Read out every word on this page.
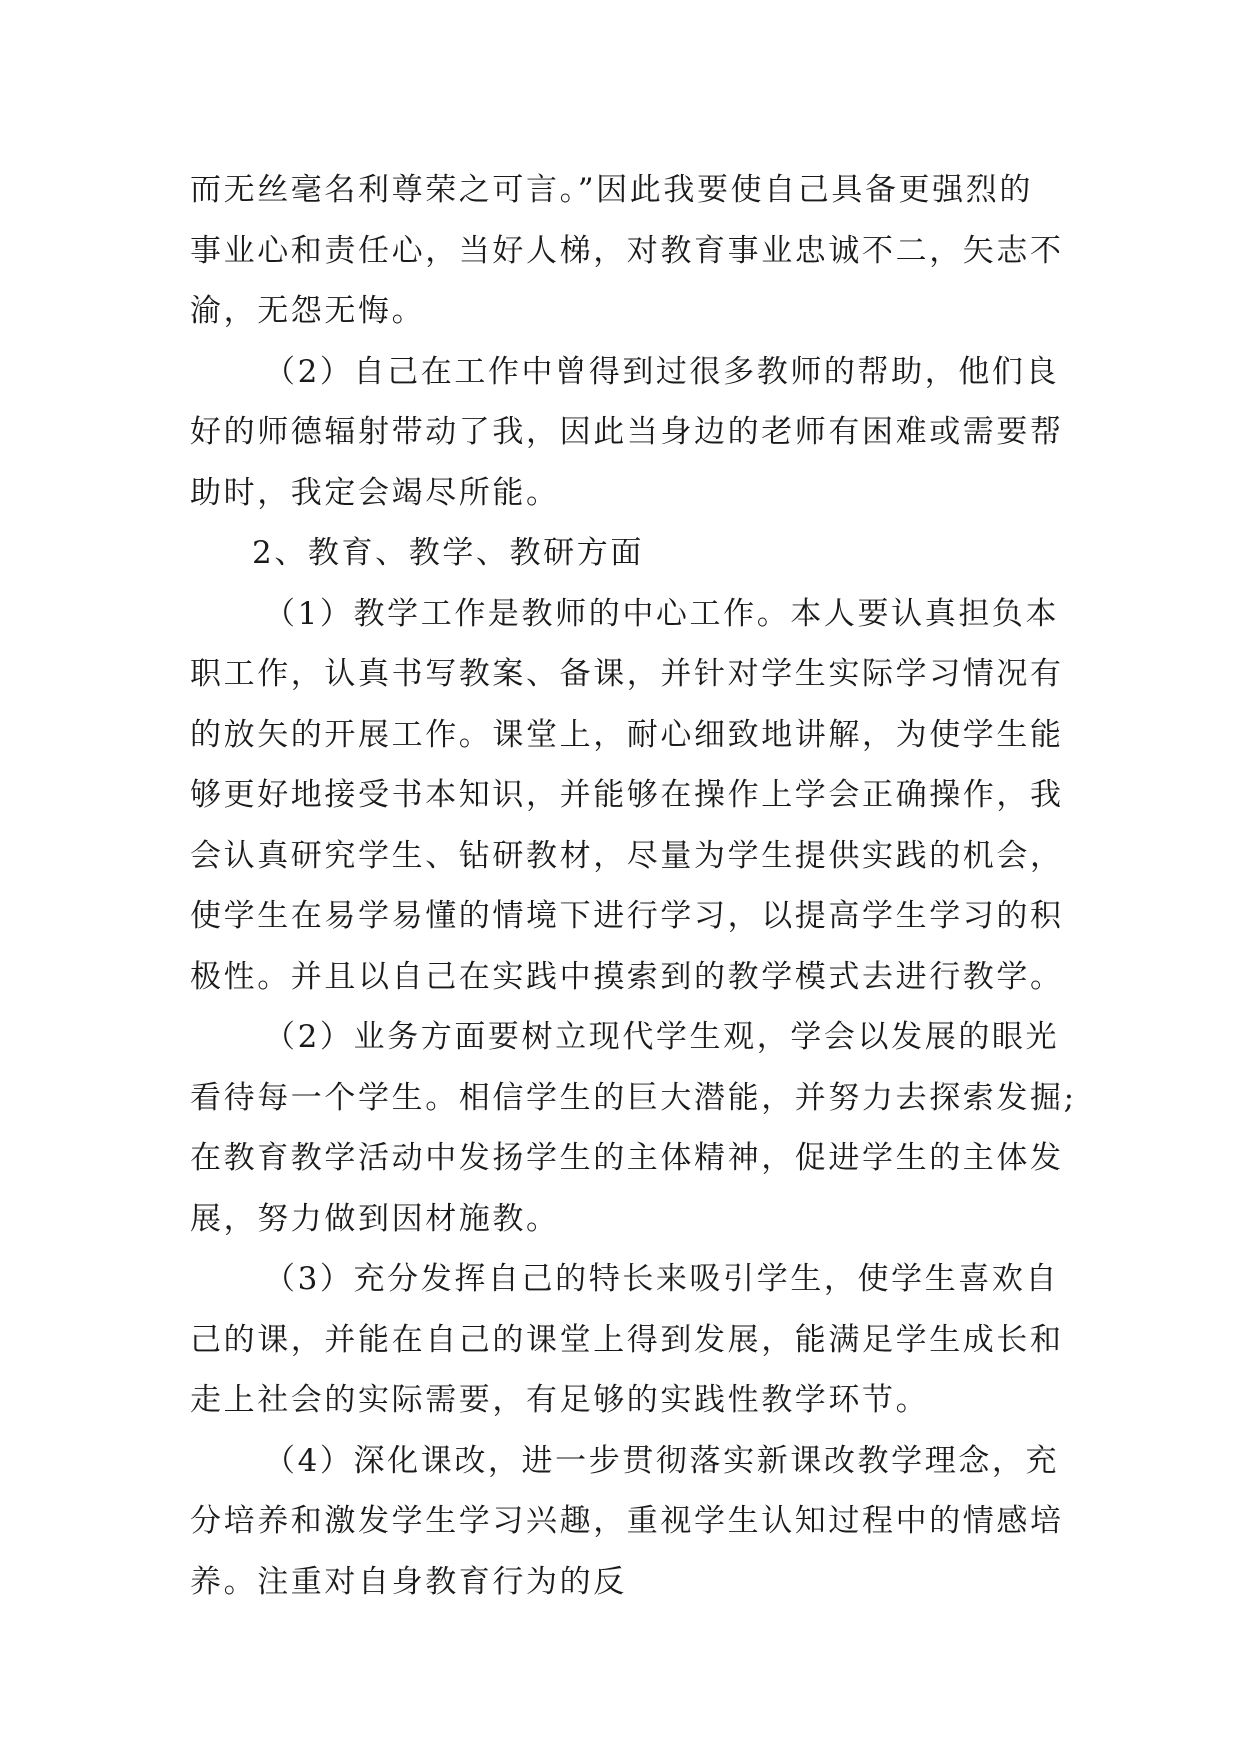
而无丝毫名利尊荣之可言。”因此我要使自己具备更强烈的
事业心和责任心，当好人梯，对教育事业忠诚不二，矢志不
渝，无怨无悔。
（2）自己在工作中曾得到过很多教师的帮助，他们良
好的师德辐射带动了我，因此当身边的老师有困难或需要帮
助时，我定会竭尽所能。
2、教育、教学、教研方面
（1）教学工作是教师的中心工作。本人要认真担负本
职工作，认真书写教案、备课，并针对学生实际学习情况有
的放矢的开展工作。课堂上，耐心细致地讲解，为使学生能
够更好地接受书本知识，并能够在操作上学会正确操作，我
会认真研究学生、钻研教材，尽量为学生提供实践的机会，
使学生在易学易懂的情境下进行学习，以提高学生学习的积
极性。并且以自己在实践中摸索到的教学模式去进行教学。
（2）业务方面要树立现代学生观，学会以发展的眼光
看待每一个学生。相信学生的巨大潜能，并努力去探索发掘;
在教育教学活动中发扬学生的主体精神，促进学生的主体发
展，努力做到因材施教。
（3）充分发挥自己的特长来吸引学生，使学生喜欢自
己的课，并能在自己的课堂上得到发展，能满足学生成长和
走上社会的实际需要，有足够的实践性教学环节。
（4）深化课改，进一步贯彻落实新课改教学理念，充
分培养和激发学生学习兴趣，重视学生认知过程中的情感培
养。注重对自身教育行为的反
